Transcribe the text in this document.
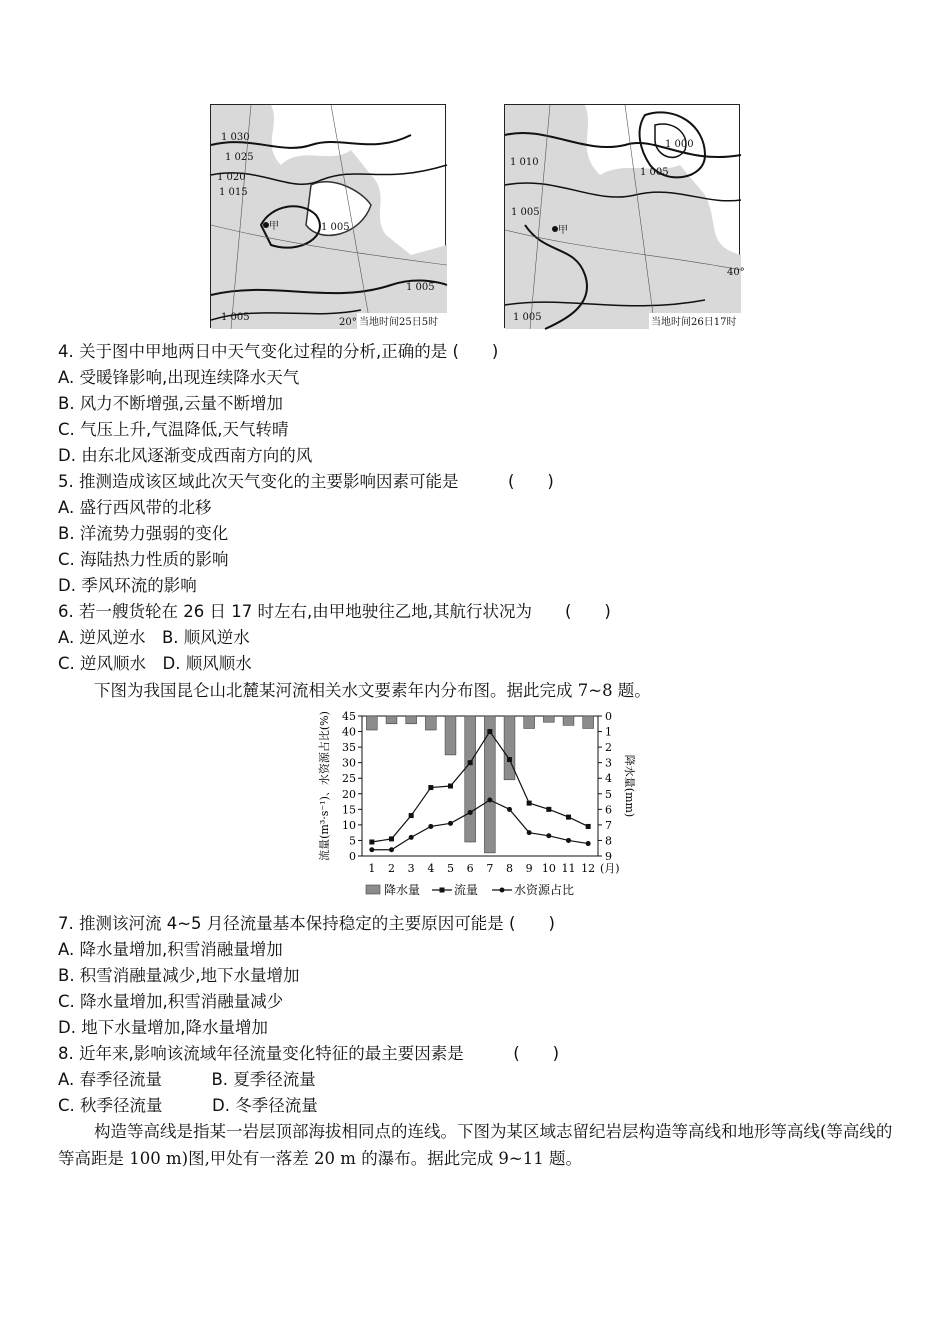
甲
1 030
1 025
1 020
1 015
1 005
1 005
1 005	20° 当地时间25日5时
甲
1 010
1 005
1 000
1 005
1 005
40°
当地时间26日17时
4. 关于图中甲地两日中天气变化过程的分析,正确的是 (　　)
A. 受暖锋影响,出现连续降水天气
B. 风力不断增强,云量不断增加
C. 气压上升,气温降低,天气转晴
D. 由东北风逐渐变成西南方向的风
5. 推测造成该区域此次天气变化的主要影响因素可能是　　　(　　)
A. 盛行西风带的北移
B. 洋流势力强弱的变化
C. 海陆热力性质的影响
D. 季风环流的影响
6. 若一艘货轮在 26 日 17 时左右,由甲地驶往乙地,其航行状况为　　(　　)
A. 逆风逆水　B. 顺风逆水
C. 逆风顺水　D. 顺风顺水
下图为我国昆仑山北麓某河流相关水文要素年内分布图。据此完成 7~8 题。
45
40
35
30
25
20
15
10
5
0
0
1
2
3
4
5
6
7
8
9
1 2 3 4 5 6 7 8 9 10 11 12 (月)
流量(m³·s⁻¹)、水资源占比(%)	降水量(mm)
降水量	流量	水资源占比
7. 推测该河流 4~5 月径流量基本保持稳定的主要原因可能是 (　　)
A. 降水量增加,积雪消融量增加
B. 积雪消融量减少,地下水量增加
C. 降水量增加,积雪消融量减少
D. 地下水量增加,降水量增加
8. 近年来,影响该流域年径流量变化特征的最主要因素是　　　(　　)
A. 春季径流量　　　B. 夏季径流量
C. 秋季径流量　　　D. 冬季径流量
构造等高线是指某一岩层顶部海拔相同点的连线。下图为某区域志留纪岩层构造等高线和地形等高线(等高线的等高距是 100 m)图,甲处有一落差 20 m 的瀑布。据此完成 9~11 题。
